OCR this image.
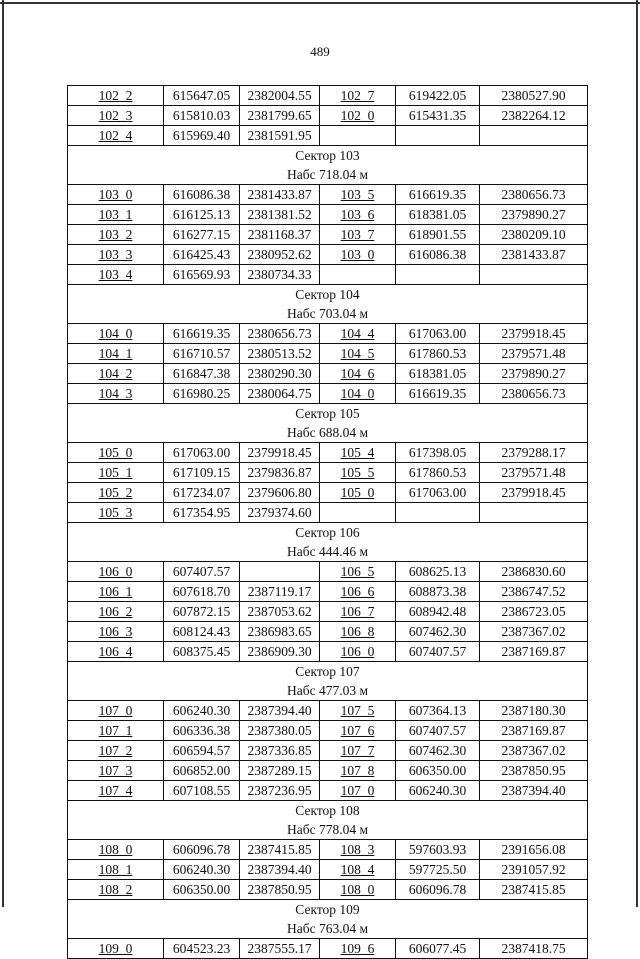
489
102_2	615647.05	2382004.55	102_7	619422.05	2380527.90
102_3	615810.03	2381799.65	102_0	615431.35	2382264.12
102_4	615969.40	2381591.95			
Сектор 103					
Набс 718.04 м					
103_0	616086.38	2381433.87	103_5	616619.35	2380656.73
103_1	616125.13	2381381.52	103_6	618381.05	2379890.27
103_2	616277.15	2381168.37	103_7	618901.55	2380209.10
103_3	616425.43	2380952.62	103_0	616086.38	2381433.87
103_4	616569.93	2380734.33			
Сектор 104					
Набс 703.04 м					
104_0	616619.35	2380656.73	104_4	617063.00	2379918.45
104_1	616710.57	2380513.52	104_5	617860.53	2379571.48
104_2	616847.38	2380290.30	104_6	618381.05	2379890.27
104_3	616980.25	2380064.75	104_0	616619.35	2380656.73
Сектор 105					
Набс 688.04 м					
105_0	617063.00	2379918.45	105_4	617398.05	2379288.17
105_1	617109.15	2379836.87	105_5	617860.53	2379571.48
105_2	617234.07	2379606.80	105_0	617063.00	2379918.45
105_3	617354.95	2379374.60			
Сектор 106					
Набс 444.46 м					
106_0	607407.57		106_5	608625.13	2386830.60
106_1	607618.70	2387119.17	106_6	608873.38	2386747.52
106_2	607872.15	2387053.62	106_7	608942.48	2386723.05
106_3	608124.43	2386983.65	106_8	607462.30	2387367.02
106_4	608375.45	2386909.30	106_0	607407.57	2387169.87
Сектор 107					
Набс 477.03 м					
107_0	606240.30	2387394.40	107_5	607364.13	2387180.30
107_1	606336.38	2387380.05	107_6	607407.57	2387169.87
107_2	606594.57	2387336.85	107_7	607462.30	2387367.02
107_3	606852.00	2387289.15	107_8	606350.00	2387850.95
107_4	607108.55	2387236.95	107_0	606240.30	2387394.40
Сектор 108					
Набс 778.04 м					
108_0	606096.78	2387415.85	108_3	597603.93	2391656.08
108_1	606240.30	2387394.40	108_4	597725.50	2391057.92
108_2	606350.00	2387850.95	108_0	606096.78	2387415.85
Сектор 109					
Набс 763.04 м					
109_0	604523.23	2387555.17	109_6	606077.45	2387418.75
